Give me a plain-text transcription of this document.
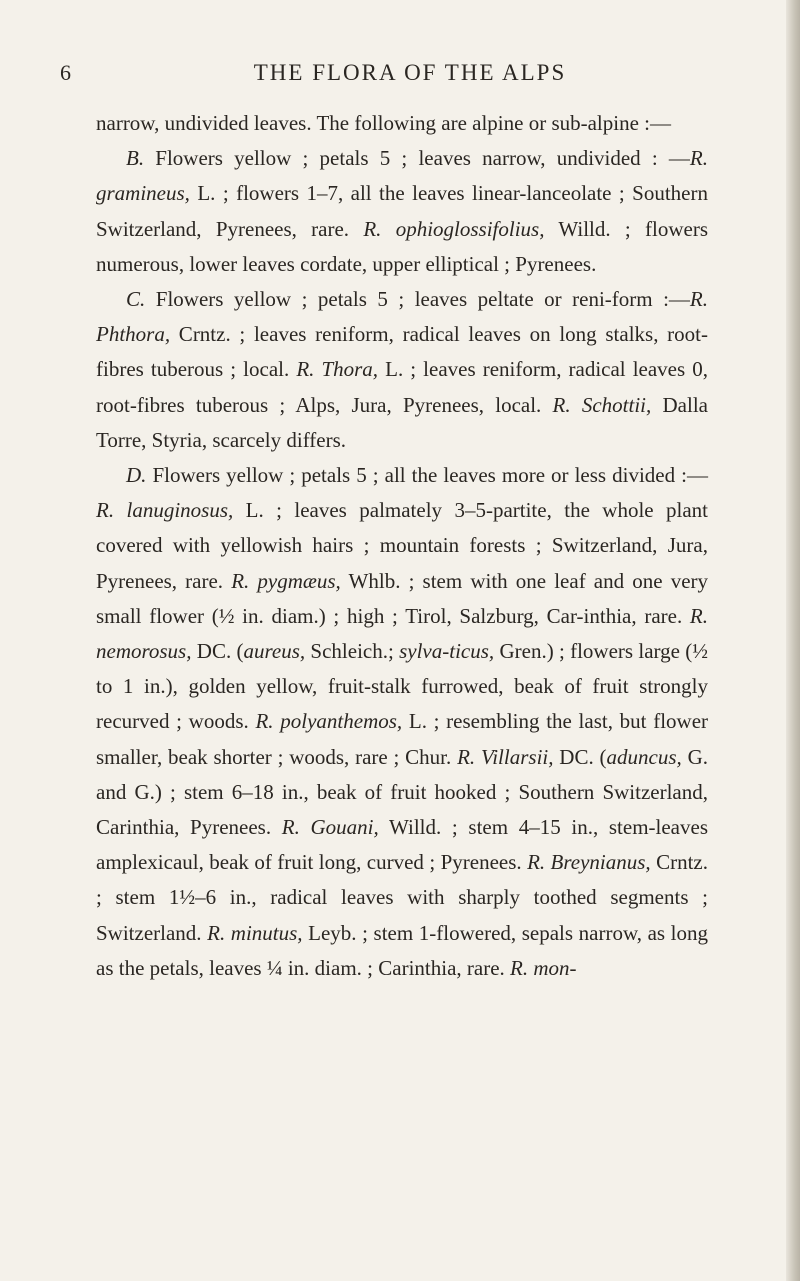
6	THE FLORA OF THE ALPS

narrow, undivided leaves. The following are alpine or sub-alpine :—

B. Flowers yellow ; petals 5 ; leaves narrow, undivided : —R. gramineus, L. ; flowers 1–7, all the leaves linear-lanceolate ; Southern Switzerland, Pyrenees, rare. R. ophioglossifolius, Willd. ; flowers numerous, lower leaves cordate, upper elliptical ; Pyrenees.

C. Flowers yellow ; petals 5 ; leaves peltate or reni-form :—R. Phthora, Crntz. ; leaves reniform, radical leaves on long stalks, root-fibres tuberous ; local. R. Thora, L. ; leaves reniform, radical leaves 0, root-fibres tuberous ; Alps, Jura, Pyrenees, local. R. Schottii, Dalla Torre, Styria, scarcely differs.

D. Flowers yellow ; petals 5 ; all the leaves more or less divided :—R. lanuginosus, L. ; leaves palmately 3–5-partite, the whole plant covered with yellowish hairs ; mountain forests ; Switzerland, Jura, Pyrenees, rare. R. pygmæus, Whlb. ; stem with one leaf and one very small flower (½ in. diam.) ; high ; Tirol, Salzburg, Car-inthia, rare. R. nemorosus, DC. (aureus, Schleich.; sylva-ticus, Gren.) ; flowers large (½ to 1 in.), golden yellow, fruit-stalk furrowed, beak of fruit strongly recurved ; woods. R. polyanthemos, L. ; resembling the last, but flower smaller, beak shorter ; woods, rare ; Chur. R. Villarsii, DC. (aduncus, G. and G.) ; stem 6–18 in., beak of fruit hooked ; Southern Switzerland, Carinthia, Pyrenees. R. Gouani, Willd. ; stem 4–15 in., stem-leaves amplexicaul, beak of fruit long, curved ; Pyrenees. R. Breynianus, Crntz. ; stem 1½–6 in., radical leaves with sharply toothed segments ; Switzerland. R. minutus, Leyb. ; stem 1-flowered, sepals narrow, as long as the petals, leaves ¼ in. diam. ; Carinthia, rare. R. mon-
